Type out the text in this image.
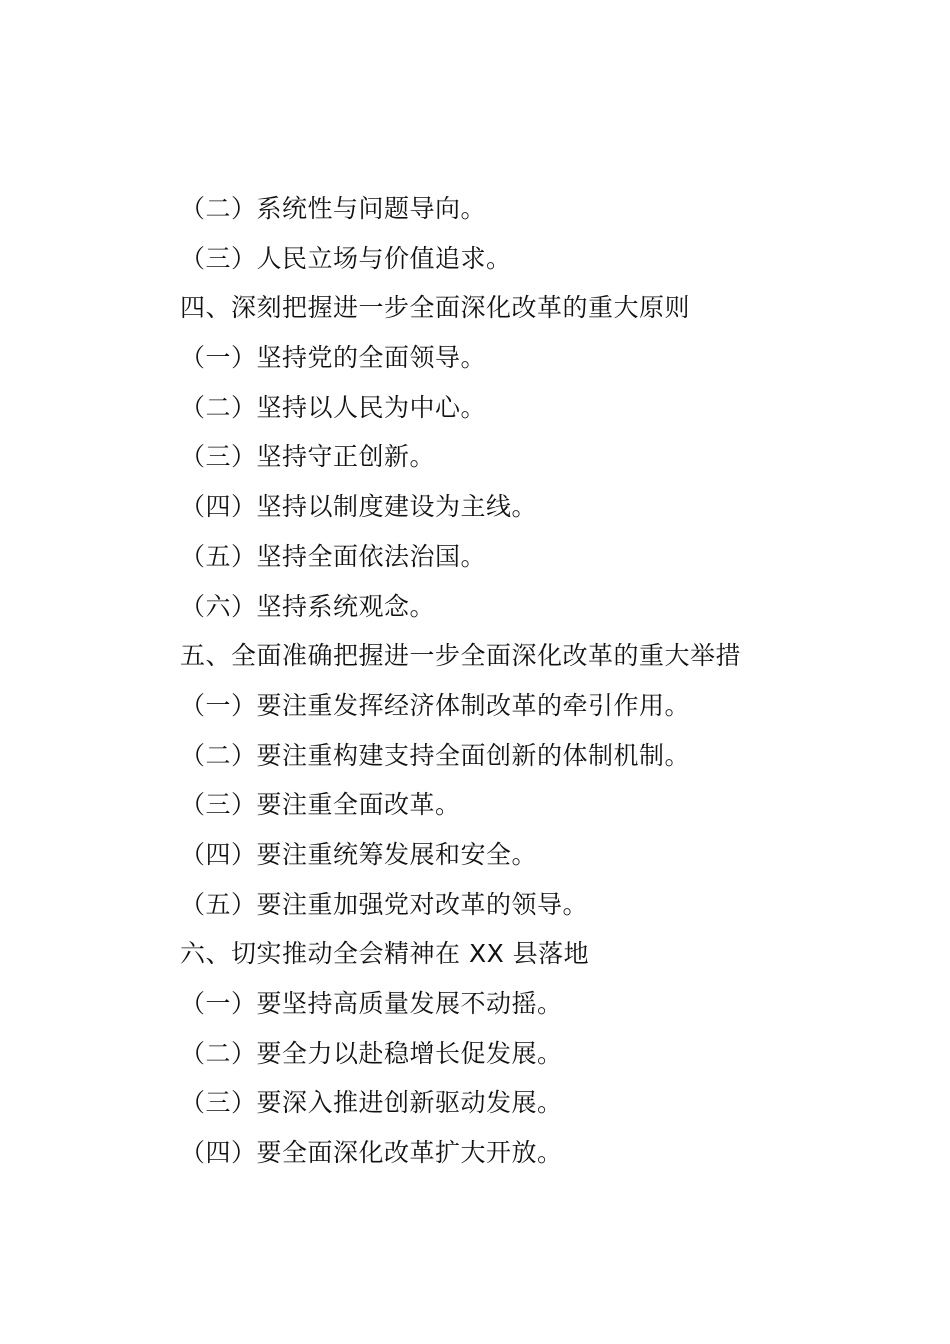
（二）系统性与问题导向。
（三）人民立场与价值追求。
四、深刻把握进一步全面深化改革的重大原则
（一）坚持党的全面领导。
（二）坚持以人民为中心。
（三）坚持守正创新。
（四）坚持以制度建设为主线。
（五）坚持全面依法治国。
（六）坚持系统观念。
五、全面准确把握进一步全面深化改革的重大举措
（一）要注重发挥经济体制改革的牵引作用。
（二）要注重构建支持全面创新的体制机制。
（三）要注重全面改革。
（四）要注重统筹发展和安全。
（五）要注重加强党对改革的领导。
六、切实推动全会精神在 XX 县落地
（一）要坚持高质量发展不动摇。
（二）要全力以赴稳增长促发展。
（三）要深入推进创新驱动发展。
（四）要全面深化改革扩大开放。
